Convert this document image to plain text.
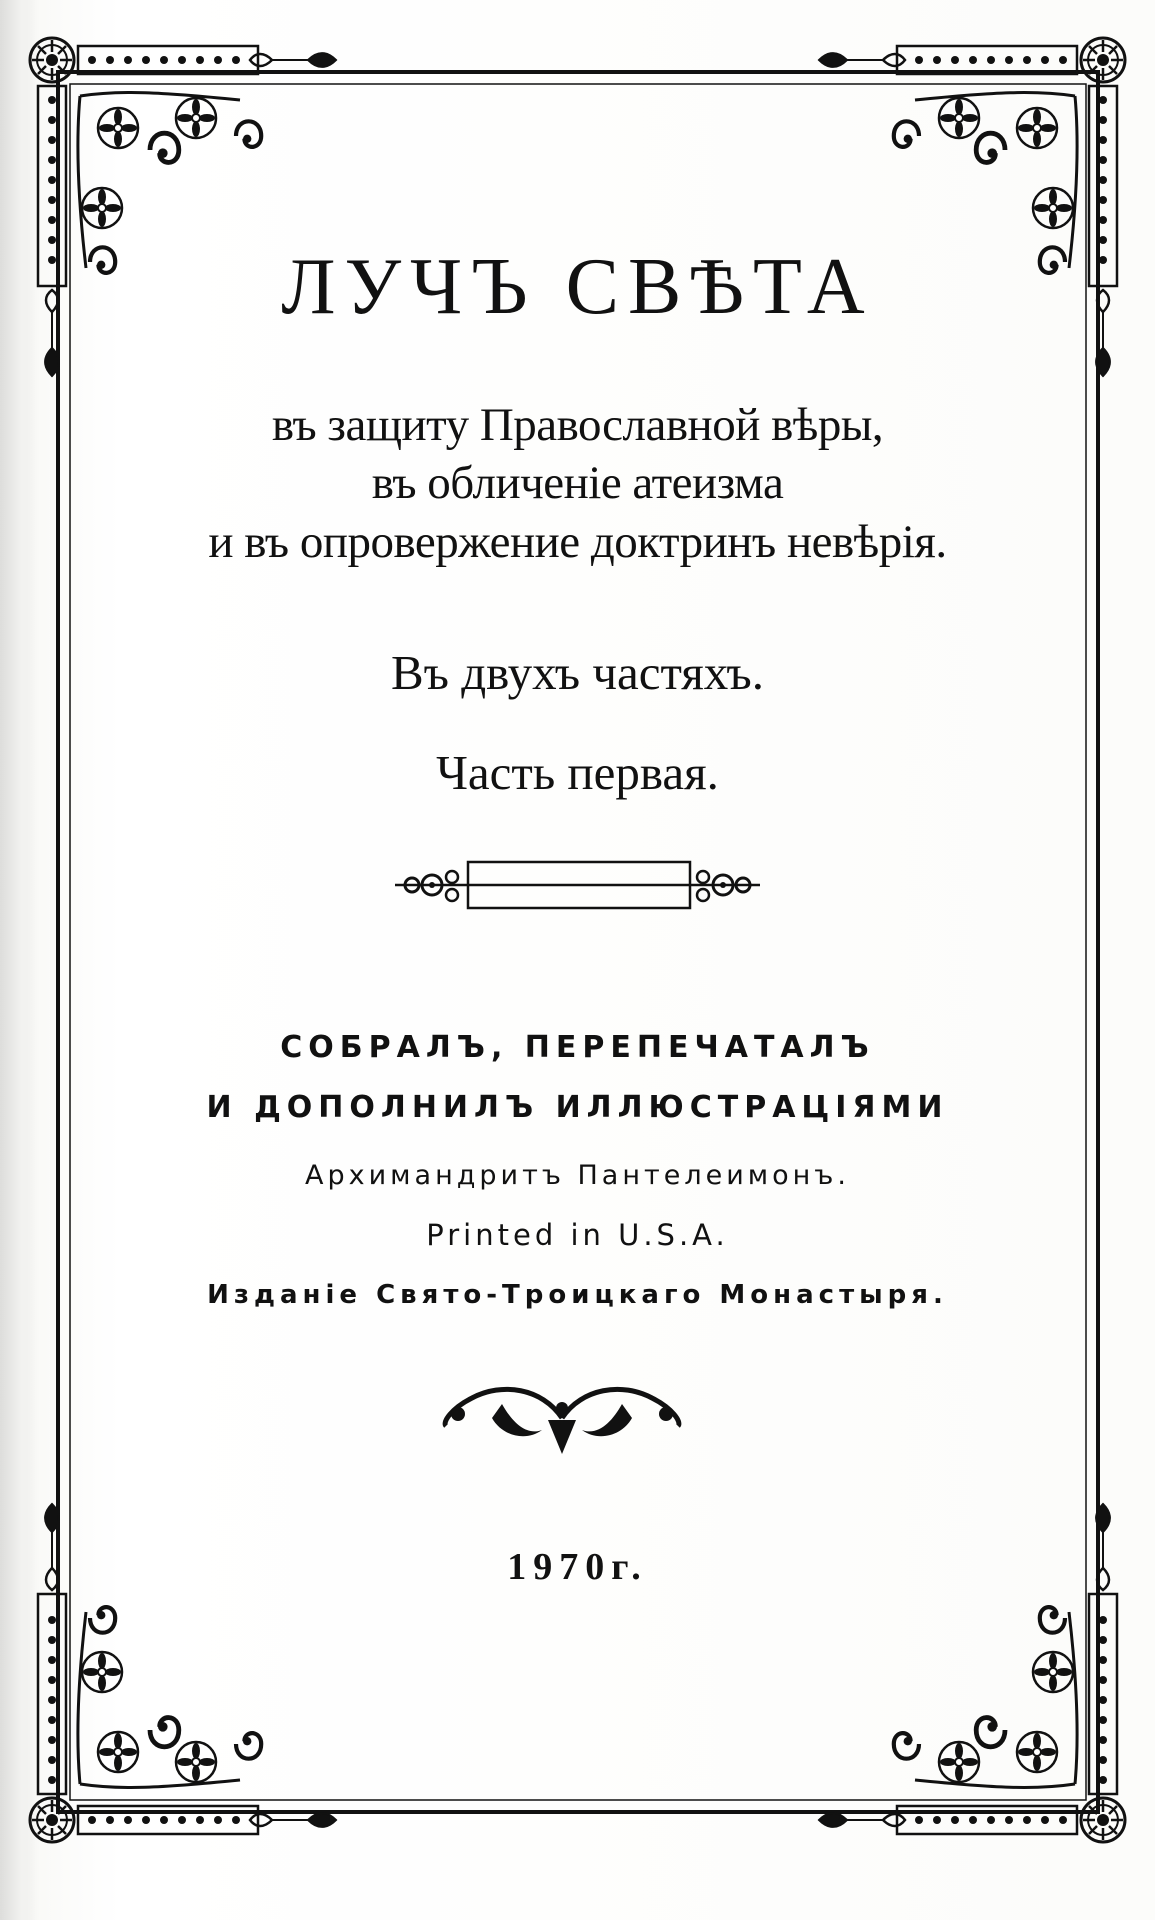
ЛУЧЪ СВѢТА

въ защиту Православной вѣры,

въ обличенiе атеизма

и въ опровержение доктринъ невѣрiя.

Въ двухъ частяхъ.

Часть первая.

СОБРАЛЪ, ПЕРЕПЕЧАТАЛЪ

И ДОПОЛНИЛЪ ИЛЛЮСТРАЦIЯМИ

Архимандритъ Пантелеимонъ.

Printed in U.S.A.

Изданiе Свято-Троицкаго Монастыря.

1970г.
